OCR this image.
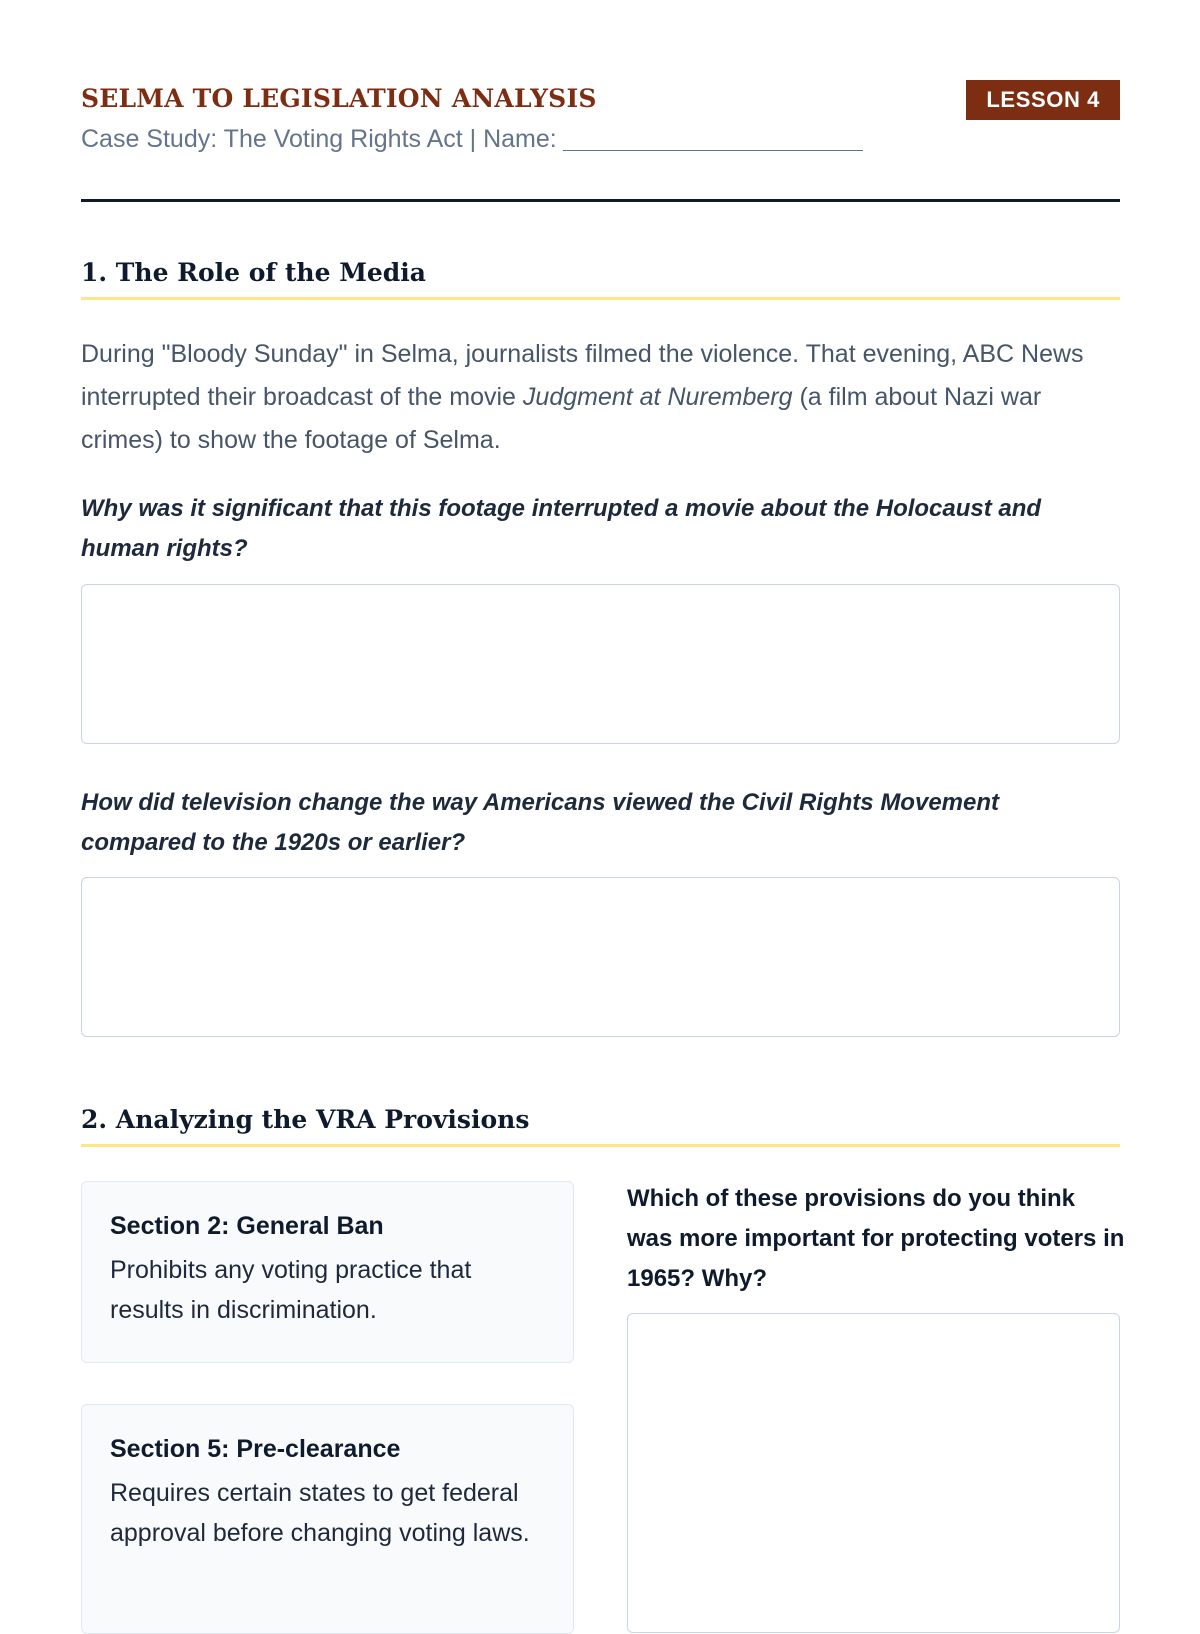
SELMA TO LEGISLATION ANALYSIS	LESSON 4
Case Study: The Voting Rights Act | Name:
1. The Role of the Media

During "Bloody Sunday" in Selma, journalists filmed the violence. That evening, ABC News interrupted their broadcast of the movie Judgment at Nuremberg (a film about Nazi war crimes) to show the footage of Selma.

Why was it significant that this footage interrupted a movie about the Holocaust and human rights?

How did television change the way Americans viewed the Civil Rights Movement compared to the 1920s or earlier?

2. Analyzing the VRA Provisions
Section 2: General Ban

Prohibits any voting practice that results in discrimination.

Section 5: Pre-clearance

Requires certain states to get federal approval before changing voting laws.

Which of these provisions do you think was more important for protecting voters in 1965? Why?
